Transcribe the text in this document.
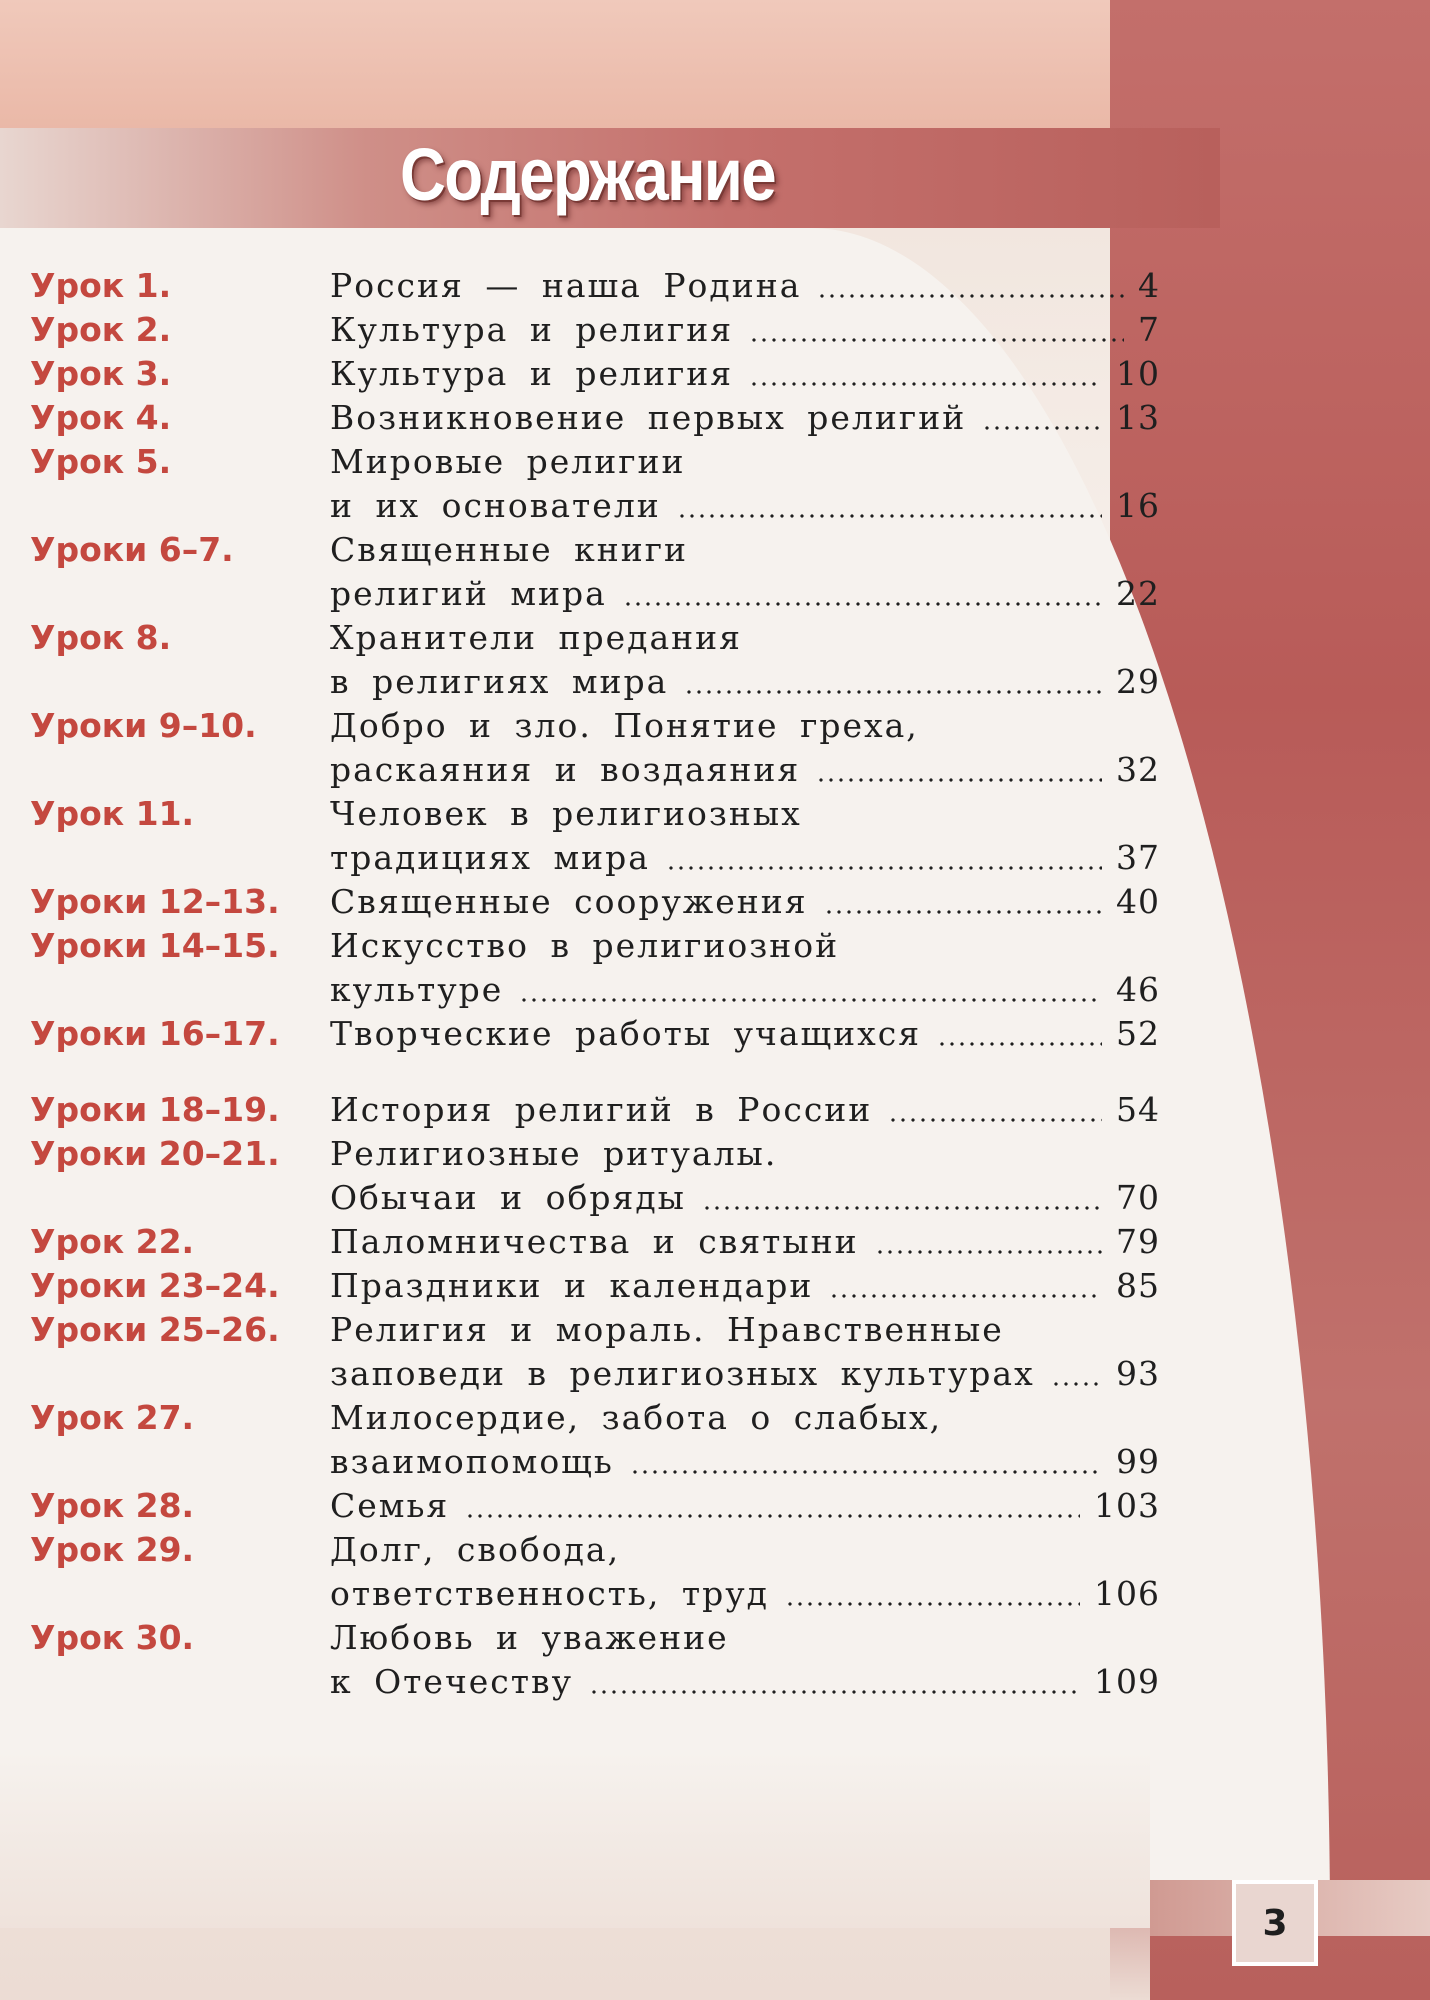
Содержание
Урок 1.	Россия — наша Родина	4
Урок 2.	Культура и религия	7
Урок 3.	Культура и религия	10
Урок 4.	Возникновение первых религий	13
Урок 5.	Мировые религии
и их основатели	16
Уроки 6–7.	Священные книги
религий мира	22
Урок 8.	Хранители предания
в религиях мира	29
Уроки 9–10. Добро и зло. Понятие греха,
раскаяния и воздаяния	32
Урок 11.	Человек в религиозных
традициях мира	37
Уроки 12–13. Священные сооружения	40
Уроки 14–15. Искусство в религиозной
культуре	46
Уроки 16–17. Творческие работы учащихся	52
Уроки 18–19. История религий в России	54
Уроки 20–21. Религиозные ритуалы.
Обычаи и обряды	70
Урок 22.	Паломничества и святыни	79
Уроки 23–24. Праздники и календари	85
Уроки 25–26. Религия и мораль. Нравственные
заповеди в религиозных культурах 93
Урок 27.	Милосердие, забота о слабых,
взаимопомощь	99
Урок 28.	Семья	103
Урок 29.	Долг, свобода,
ответственность, труд	106
Урок 30.	Любовь и уважение
к Отечеству	109
3
